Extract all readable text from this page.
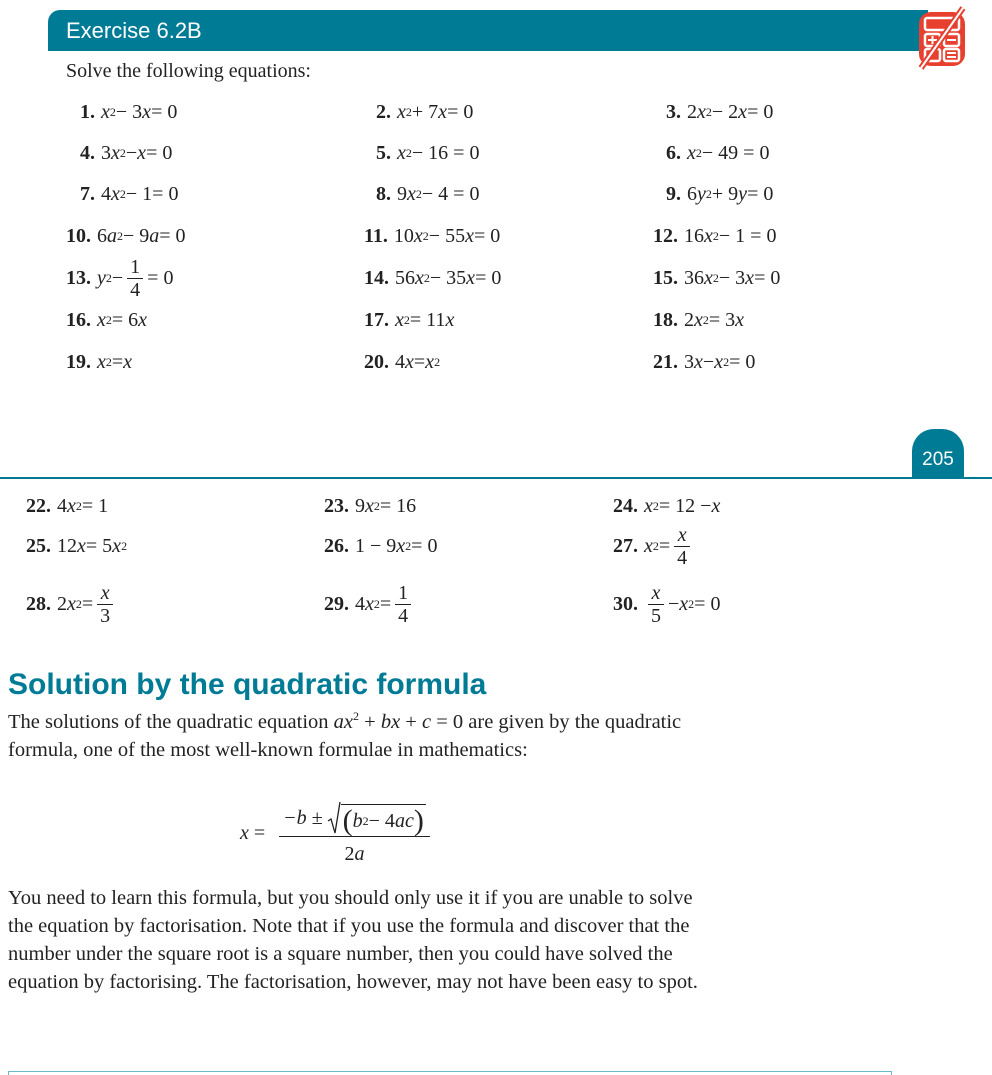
Exercise 6.2B

Solve the following equations:

1. x 2 − 3 x = 0	2. x 2 + 7 x = 0	3. 2 x 2 − 2 x = 0
4. 3 x 2 − x = 0	5. x 2 − 16 = 0	6. x 2 − 49 = 0
7. 4 x 2 − 1= 0	8. 9 x 2 − 4 = 0	9. 6 y 2 + 9 y = 0
10. 6 a 2 − 9 a = 0	11. 10 x 2 − 55 x = 0	12. 16 x 2 − 1 = 0
13. y $2 - \frac{1}{4} = 0$	14. 56 x 2 − 35 x = 0	15. 36 x 2 − 3 x = 0
16. x 2 = 6 x	17. x 2 = 11 x	18. 2 x 2 = 3 x
19. x 2 = x	20. 4 x = x 2	21. 3 x − x 2 = 0
22. 4 x 2 = 1	23. 9 x 2 = 16	24. x 2 = 12 − x
25. 12 x = 5 x 2	26. 1 − 9 x 2 = 0	27. x $2 = \frac{x}{4}$
28. 2 x $2 = \frac{x}{3}$	29. 4 x $2 = \frac{1}{4}$	30. $\frac{x}{5} - x$ 2 = 0
205
Solution by the quadratic formula

The solutions of the quadratic equation $ax^2$ + bx + c = 0 are given by the quadratic formula, one of the most well-known formulae in mathematics:

x =
−b ± ( b 2 − 4 ac )
2a

You need to learn this formula, but you should only use it if you are unable to solve the equation by factorisation. Note that if you use the formula and discover that the number under the square root is a square number, then you could have solved the equation by factorising. The factorisation, however, may not have been easy to spot.
